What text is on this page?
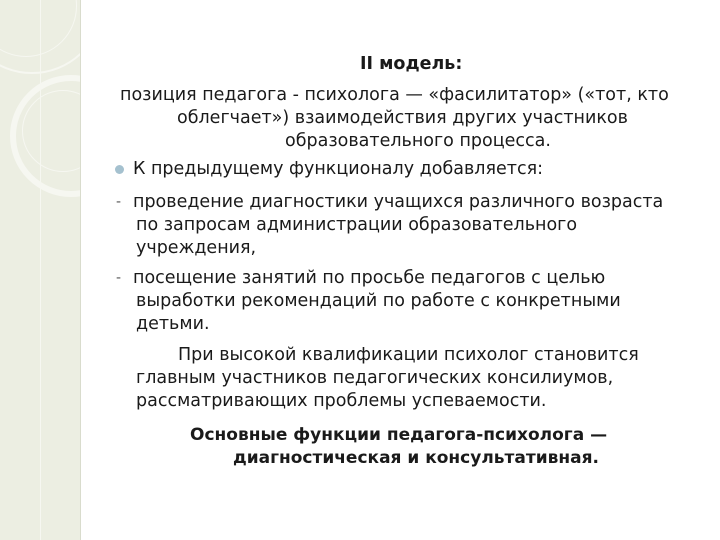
II модель:
позиция педагога - психолога — «фасилитатор» («тот, кто
облегчает») взаимодействия других участников
образовательного процесса.
К предыдущему функционалу добавляется:
- проведение диагностики учащихся различного возраста
по запросам администрации образовательного
учреждения,
- посещение занятий по просьбе педагогов с целью
выработки рекомендаций по работе с конкретными
детьми.
При высокой квалификации психолог становится
главным участников педагогических консилиумов,
рассматривающих проблемы успеваемости.
Основные функции педагога-психолога —
диагностическая и консультативная.
